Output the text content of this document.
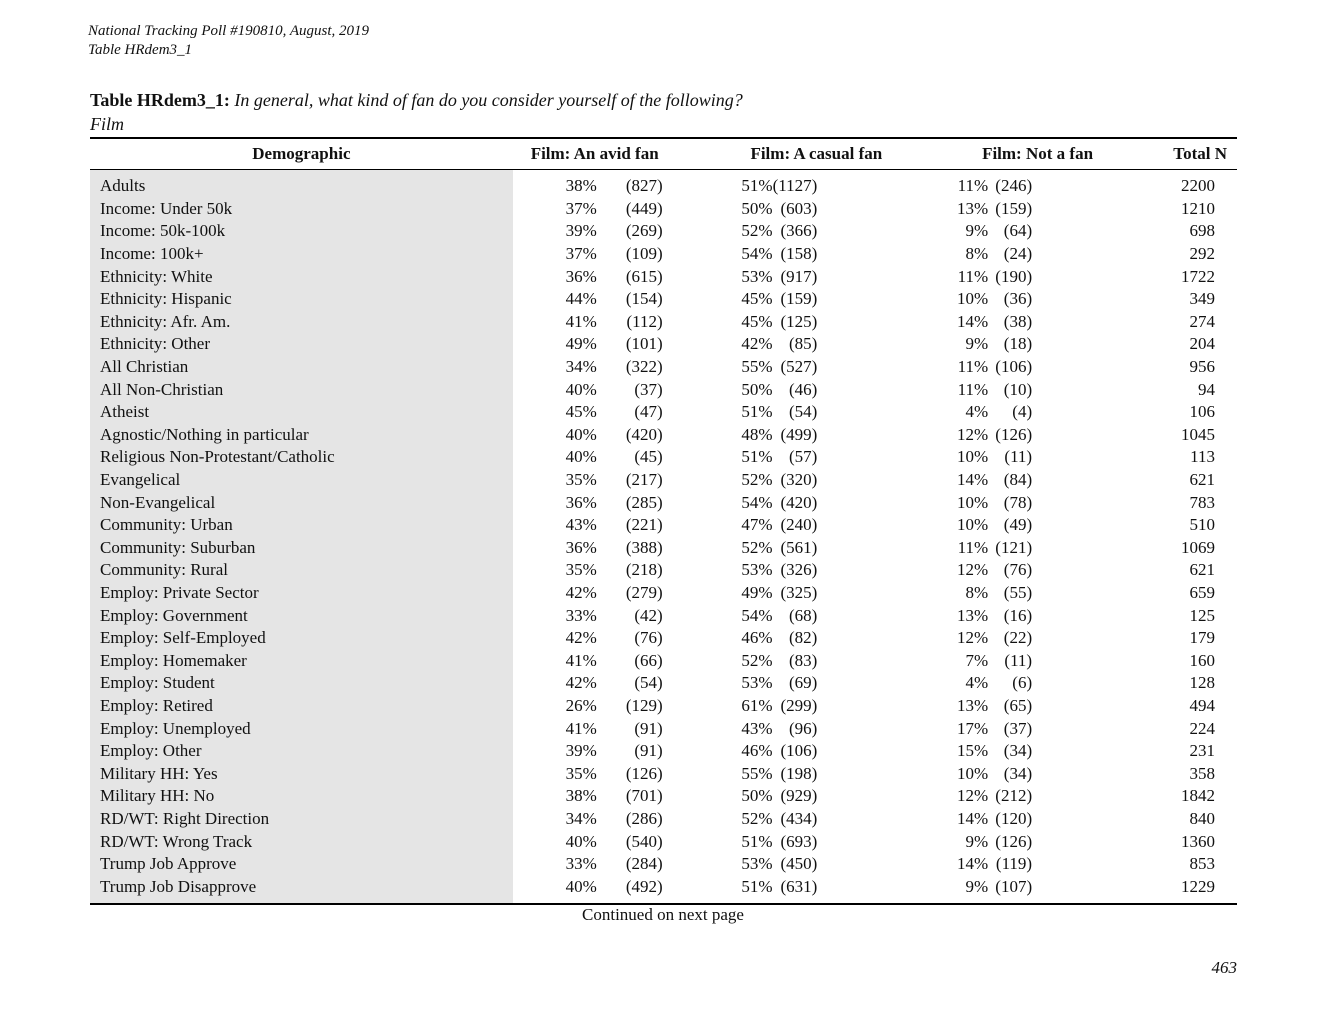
National Tracking Poll #190810, August, 2019
Table HRdem3_1
Table HRdem3_1: In general, what kind of fan do you consider yourself of the following?
Film
Demographic	Film: An avid fan			Film: A casual fan			Film: Not a fan			Total N

Adults		38%	(827)	51%	(1127)		11%	(246)		2200
Income: Under 50k		37%	(449)	50%	(603)		13%	(159)		1210
Income: 50k-100k		39%	(269)	52%	(366)		9%	(64)		698
Income: 100k+		37%	(109)	54%	(158)		8%	(24)		292
Ethnicity: White		36%	(615)	53%	(917)		11%	(190)		1722
Ethnicity: Hispanic		44%	(154)	45%	(159)		10%	(36)		349
Ethnicity: Afr. Am.		41%	(112)	45%	(125)		14%	(38)		274
Ethnicity: Other		49%	(101)	42%	(85)		9%	(18)		204
All Christian		34%	(322)	55%	(527)		11%	(106)		956
All Non-Christian		40%	(37)	50%	(46)		11%	(10)		94
Atheist		45%	(47)	51%	(54)		4%	(4)		106
Agnostic/Nothing in particular		40%	(420)	48%	(499)		12%	(126)		1045
Religious Non-Protestant/Catholic		40%	(45)	51%	(57)		10%	(11)		113
Evangelical		35%	(217)	52%	(320)		14%	(84)		621
Non-Evangelical		36%	(285)	54%	(420)		10%	(78)		783
Community: Urban		43%	(221)	47%	(240)		10%	(49)		510
Community: Suburban		36%	(388)	52%	(561)		11%	(121)		1069
Community: Rural		35%	(218)	53%	(326)		12%	(76)		621
Employ: Private Sector		42%	(279)	49%	(325)		8%	(55)		659
Employ: Government		33%	(42)	54%	(68)		13%	(16)		125
Employ: Self-Employed		42%	(76)	46%	(82)		12%	(22)		179
Employ: Homemaker		41%	(66)	52%	(83)		7%	(11)		160
Employ: Student		42%	(54)	53%	(69)		4%	(6)		128
Employ: Retired		26%	(129)	61%	(299)		13%	(65)		494
Employ: Unemployed		41%	(91)	43%	(96)		17%	(37)		224
Employ: Other		39%	(91)	46%	(106)		15%	(34)		231
Military HH: Yes		35%	(126)	55%	(198)		10%	(34)		358
Military HH: No		38%	(701)	50%	(929)		12%	(212)		1842
RD/WT: Right Direction		34%	(286)	52%	(434)		14%	(120)		840
RD/WT: Wrong Track		40%	(540)	51%	(693)		9%	(126)		1360
Trump Job Approve		33%	(284)	53%	(450)		14%	(119)		853
Trump Job Disapprove		40%	(492)	51%	(631)		9%	(107)		1229

Continued on next page
463
